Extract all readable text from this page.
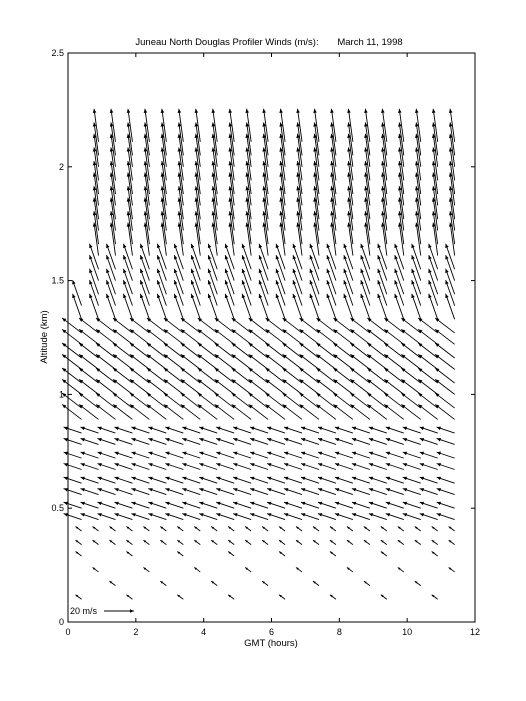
Juneau North Douglas Profiler Winds (m/s): March 11, 1998
0	2	4	6	8	10	12
0
0.5
1
1.5
2
2.5
GMT (hours)
Altitude (km)
20 m/s
